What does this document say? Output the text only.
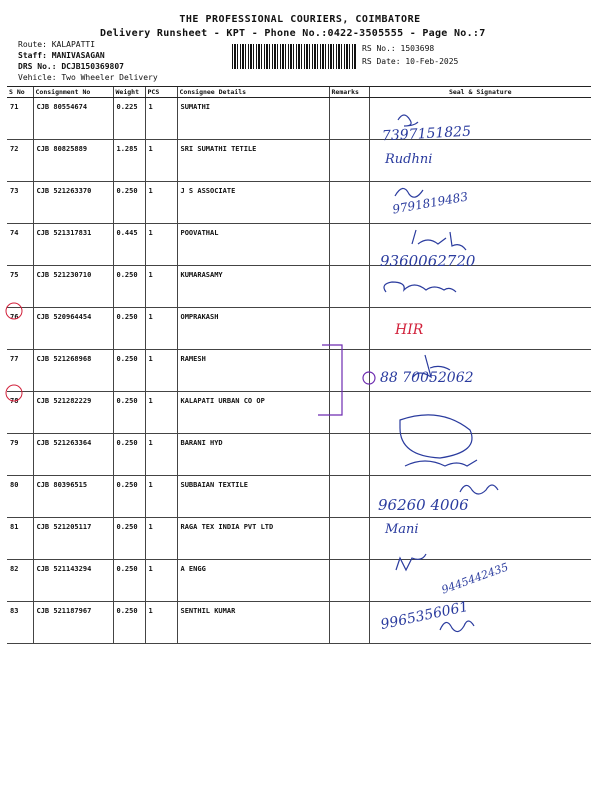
THE PROFESSIONAL COURIERS, COIMBATORE
Delivery Runsheet - KPT - Phone No.:0422-3505555 - Page No.:7
Route: KALAPATTI
Staff: MANIVASAGAN
DRS No.: DCJB150369807
Vehicle: Two Wheeler Delivery
RS No.: 1503698
RS Date: 10-Feb-2025
S No	Consignment No	Weight	PCS	Consignee Details	Remarks	Seal & Signature
71	CJB 80554674	0.225	1	SUMATHI		
72	CJB 80825889	1.285	1	SRI SUMATHI TETILE		
73	CJB 521263370	0.250	1	J S ASSOCIATE		
74	CJB 521317831	0.445	1	POOVATHAL		
75	CJB 521230710	0.250	1	KUMARASAMY		
76	CJB 520964454	0.250	1	OMPRAKASH		
77	CJB 521268968	0.250	1	RAMESH		
78	CJB 521282229	0.250	1	KALAPATI URBAN CO OP		
79	CJB 521263364	0.250	1	BARANI HYD		
80	CJB 80396515	0.250	1	SUBBAIAN TEXTILE		
81	CJB 521205117	0.250	1	RAGA TEX INDIA PVT LTD		
82	CJB 521143294	0.250	1	A ENGG		
83	CJB 521187967	0.250	1	SENTHIL KUMAR		
7397151825
Rudhni
9791819483
9360062720
HIR
88 70052062
96260 4006
Mani
9445442435
9965356061
